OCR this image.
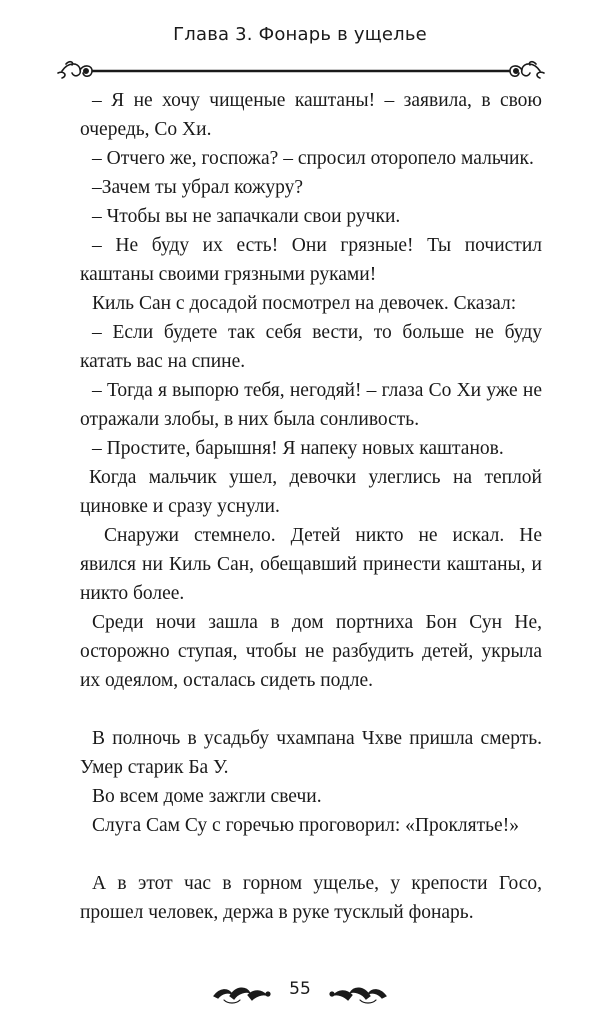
Глава 3. Фонарь в ущелье

– Я не хочу чищеные каштаны! – заявила, в свою очередь, Со Хи.

– Отчего же, госпожа? – спросил оторопело мальчик.

–Зачем ты убрал кожуру?

– Чтобы вы не запачкали свои ручки.

– Не буду их есть! Они грязные! Ты почистил каштаны своими грязными руками!

Киль Сан с досадой посмотрел на девочек. Сказал:

– Если будете так себя вести, то больше не буду катать вас на спине.

– Тогда я выпорю тебя, негодяй! – глаза Со Хи уже не отражали злобы, в них была сонливость.

– Простите, барышня! Я напеку новых каштанов.

Когда мальчик ушел, девочки улеглись на теплой циновке и сразу уснули.

Снаружи стемнело. Детей никто не искал. Не явился ни Киль Сан, обещавший принести каштаны, и никто более.

Среди ночи зашла в дом портниха Бон Сун Не, осторожно ступая, чтобы не разбудить детей, укрыла их одеялом, осталась сидеть подле.

В полночь в усадьбу чхампана Чхве пришла смерть. Умер старик Ба У.

Во всем доме зажгли свечи.

Слуга Сам Су с горечью проговорил: «Проклятье!»

А в этот час в горном ущелье, у крепости Госо, прошел человек, держа в руке тусклый фонарь.

55
